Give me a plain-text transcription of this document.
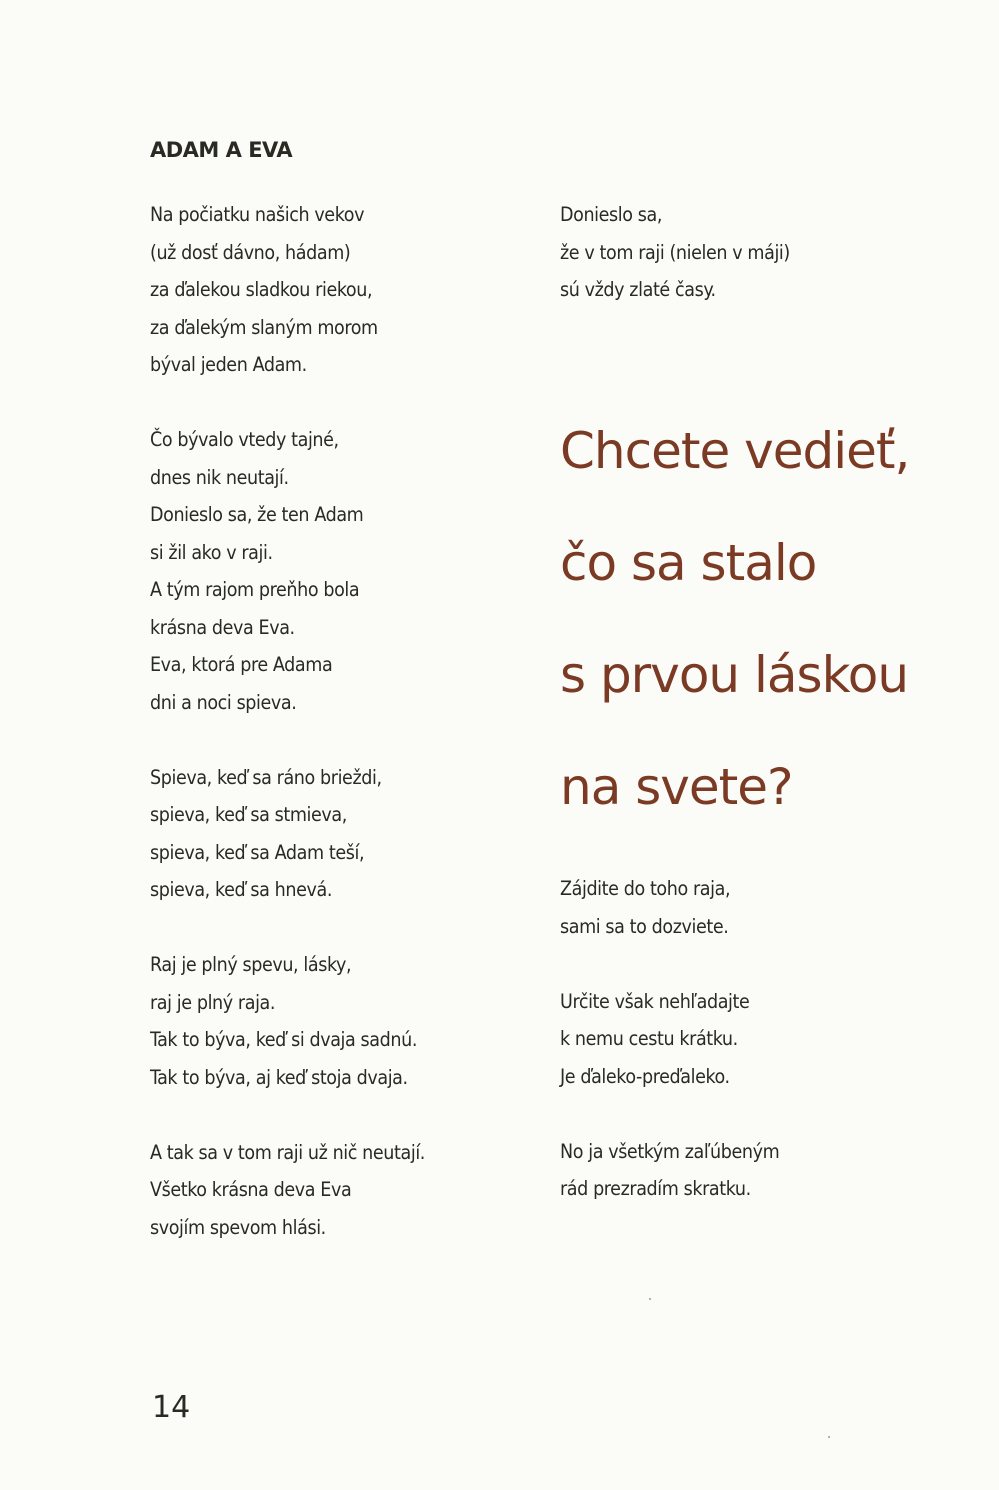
ADAM A EVA
Na počiatku našich vekov
(už dosť dávno, hádam)
za ďalekou sladkou riekou,
za ďalekým slaným morom
býval jeden Adam.
Čo bývalo vtedy tajné,
dnes nik neutají.
Donieslo sa, že ten Adam
si žil ako v raji.
A tým rajom preňho bola
krásna deva Eva.
Eva, ktorá pre Adama
dni a noci spieva.
Spieva, keď sa ráno brieždi,
spieva, keď sa stmieva,
spieva, keď sa Adam teší,
spieva, keď sa hnevá.
Raj je plný spevu, lásky,
raj je plný raja.
Tak to býva, keď si dvaja sadnú.
Tak to býva, aj keď stoja dvaja.
A tak sa v tom raji už nič neutají.
Všetko krásna deva Eva
svojím spevom hlási.
Donieslo sa,
že v tom raji (nielen v máji)
sú vždy zlaté časy.
Chcete vedieť,
čo sa stalo
s prvou láskou
na svete?
Zájdite do toho raja,
sami sa to dozviete.
Určite však nehľadajte
k nemu cestu krátku.
Je ďaleko-preďaleko.
No ja všetkým zaľúbeným
rád prezradím skratku.
14
